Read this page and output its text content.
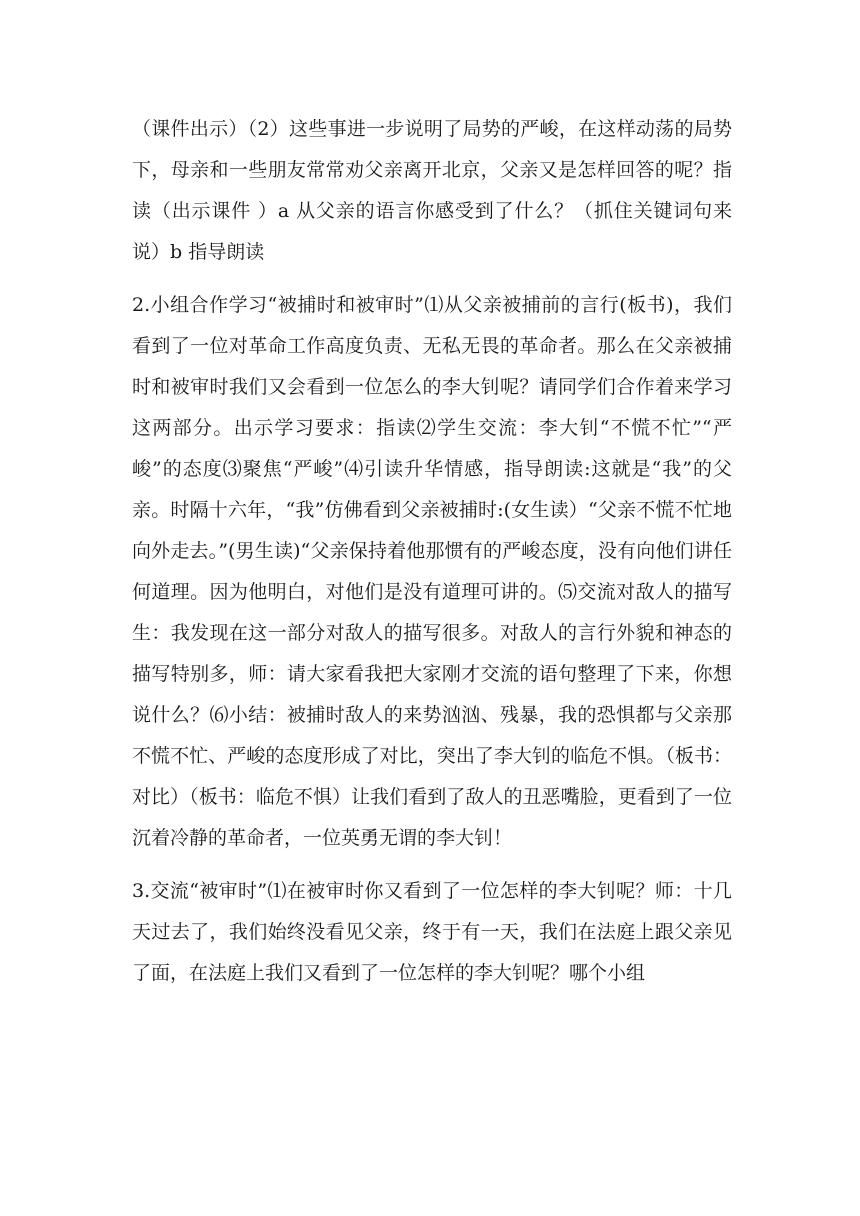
（课件出示）（2）这些事进一步说明了局势的严峻，在这样动荡的局势下，母亲和一些朋友常常劝父亲离开北京，父亲又是怎样回答的呢？指读（出示课件 ）a 从父亲的语言你感受到了什么？（抓住关键词句来说）b 指导朗读

2.小组合作学习“被捕时和被审时”⑴从父亲被捕前的言行(板书)，我们看到了一位对革命工作高度负责、无私无畏的革命者。那么在父亲被捕时和被审时我们又会看到一位怎么的李大钊呢？请同学们合作着来学习这两部分。出示学习要求：指读⑵学生交流：李大钊“不慌不忙”“严峻”的态度⑶聚焦“严峻”⑷引读升华情感，指导朗读:这就是“我”的父亲。时隔十六年，“我”仿佛看到父亲被捕时:(女生读）“父亲不慌不忙地向外走去。”(男生读)“父亲保持着他那惯有的严峻态度，没有向他们讲任何道理。因为他明白，对他们是没有道理可讲的。⑸交流对敌人的描写生：我发现在这一部分对敌人的描写很多。对敌人的言行外貌和神态的描写特别多，师：请大家看我把大家刚才交流的语句整理了下来，你想说什么？⑹小结：被捕时敌人的来势汹汹、残暴，我的恐惧都与父亲那不慌不忙、严峻的态度形成了对比，突出了李大钊的临危不惧。（板书：对比）（板书：临危不惧）让我们看到了敌人的丑恶嘴脸，更看到了一位沉着冷静的革命者，一位英勇无谓的李大钊！

3.交流“被审时”⑴在被审时你又看到了一位怎样的李大钊呢？师：十几天过去了，我们始终没看见父亲，终于有一天，我们在法庭上跟父亲见了面，在法庭上我们又看到了一位怎样的李大钊呢？哪个小组
